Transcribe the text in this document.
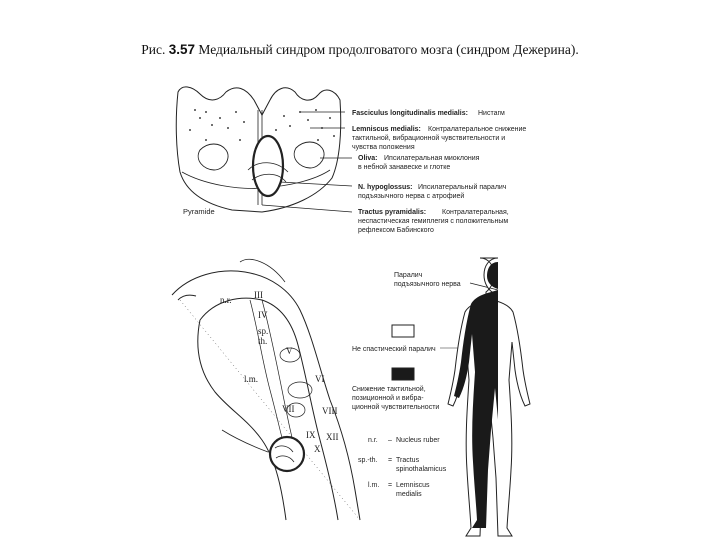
Рис. 3.57 Медиальный синдром продолговатого мозга (синдром Дежерина).
Pyramide
Fasciculus longitudinalis medialis: Нистагм
Lemniscus medialis: Контралатеральное снижение
тактильной, вибрационной чувствительности и
чувства положения
Oliva: Ипсилатеральная миоклония
в небной занавеске и глотке
N. hypoglossus: Ипсилатеральный паралич
подъязычного нерва с атрофией
Tractus pyramidalis: Контралатеральная,
неспастическая гемиплегия с положительным
рефлексом Бабинского
n.r. III
IV
sp.
th.
l.m.
V
VI
VII	VIII
IX
X
XII
Паралич
подъязычного нерва
Не спастический паралич
Снижение тактильной,
позиционной и вибра-
ционной чувствительности
n.r. – Nucleus ruber
sp.-th. = Tractus
spinothalamicus
l.m. = Lemniscus
medialis
